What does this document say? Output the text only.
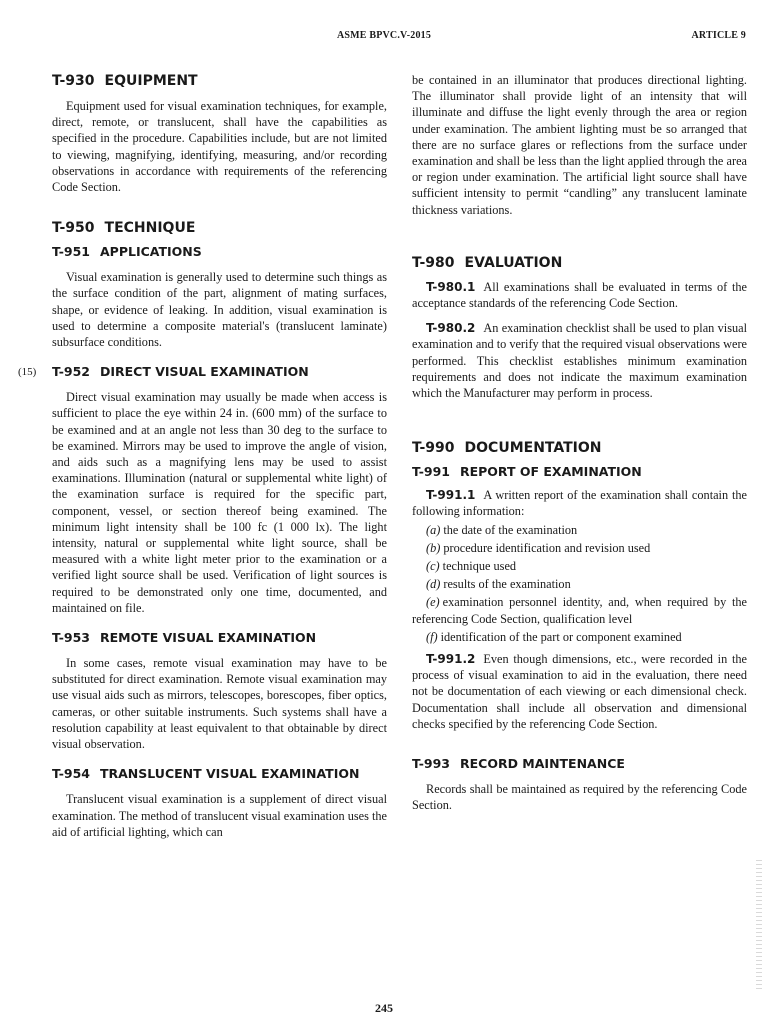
ASME BPVC.V-2015	ARTICLE 9
T-930 EQUIPMENT

Equipment used for visual examination techniques, for example, direct, remote, or translucent, shall have the capabilities as specified in the procedure. Capabilities include, but are not limited to viewing, magnifying, identifying, measuring, and/or recording observations in accordance with requirements of the referencing Code Section.

T-950 TECHNIQUE
T-951 APPLICATIONS

Visual examination is generally used to determine such things as the surface condition of the part, alignment of mating surfaces, shape, or evidence of leaking. In addition, visual examination is used to determine a composite material's (translucent laminate) subsurface conditions.

(15) T-952 DIRECT VISUAL EXAMINATION

Direct visual examination may usually be made when access is sufficient to place the eye within 24 in. (600 mm) of the surface to be examined and at an angle not less than 30 deg to the surface to be examined. Mirrors may be used to improve the angle of vision, and aids such as a magnifying lens may be used to assist examinations. Illumination (natural or supplemental white light) of the examination surface is required for the specific part, component, vessel, or section thereof being examined. The minimum light intensity shall be 100 fc (1 000 lx). The light intensity, natural or supplemental white light source, shall be measured with a white light meter prior to the examination or a verified light source shall be used. Verification of light sources is required to be demonstrated only one time, documented, and maintained on file.

T-953 REMOTE VISUAL EXAMINATION

In some cases, remote visual examination may have to be substituted for direct examination. Remote visual examination may use visual aids such as mirrors, telescopes, borescopes, fiber optics, cameras, or other suitable instruments. Such systems shall have a resolution capability at least equivalent to that obtainable by direct visual observation.

T-954 TRANSLUCENT VISUAL EXAMINATION

Translucent visual examination is a supplement of direct visual examination. The method of translucent visual examination uses the aid of artificial lighting, which can

be contained in an illuminator that produces directional lighting. The illuminator shall provide light of an intensity that will illuminate and diffuse the light evenly through the area or region under examination. The ambient lighting must be so arranged that there are no surface glares or reflections from the surface under examination and shall be less than the light applied through the area or region under examination. The artificial light source shall have sufficient intensity to permit “candling” any translucent laminate thickness variations.

T-980 EVALUATION

T-980.1 All examinations shall be evaluated in terms of the acceptance standards of the referencing Code Section.

T-980.2 An examination checklist shall be used to plan visual examination and to verify that the required visual observations were performed. This checklist establishes minimum examination requirements and does not indicate the maximum examination which the Manufacturer may perform in process.

T-990 DOCUMENTATION
T-991 REPORT OF EXAMINATION

T-991.1 A written report of the examination shall contain the following information:

(a) the date of the examination
(b) procedure identification and revision used
(c) technique used
(d) results of the examination
(e) examination personnel identity, and, when required by the referencing Code Section, qualification level
(f) identification of the part or component examined

T-991.2 Even though dimensions, etc., were recorded in the process of visual examination to aid in the evaluation, there need not be documentation of each viewing or each dimensional check. Documentation shall include all observation and dimensional checks specified by the referencing Code Section.

T-993 RECORD MAINTENANCE

Records shall be maintained as required by the referencing Code Section.

245
